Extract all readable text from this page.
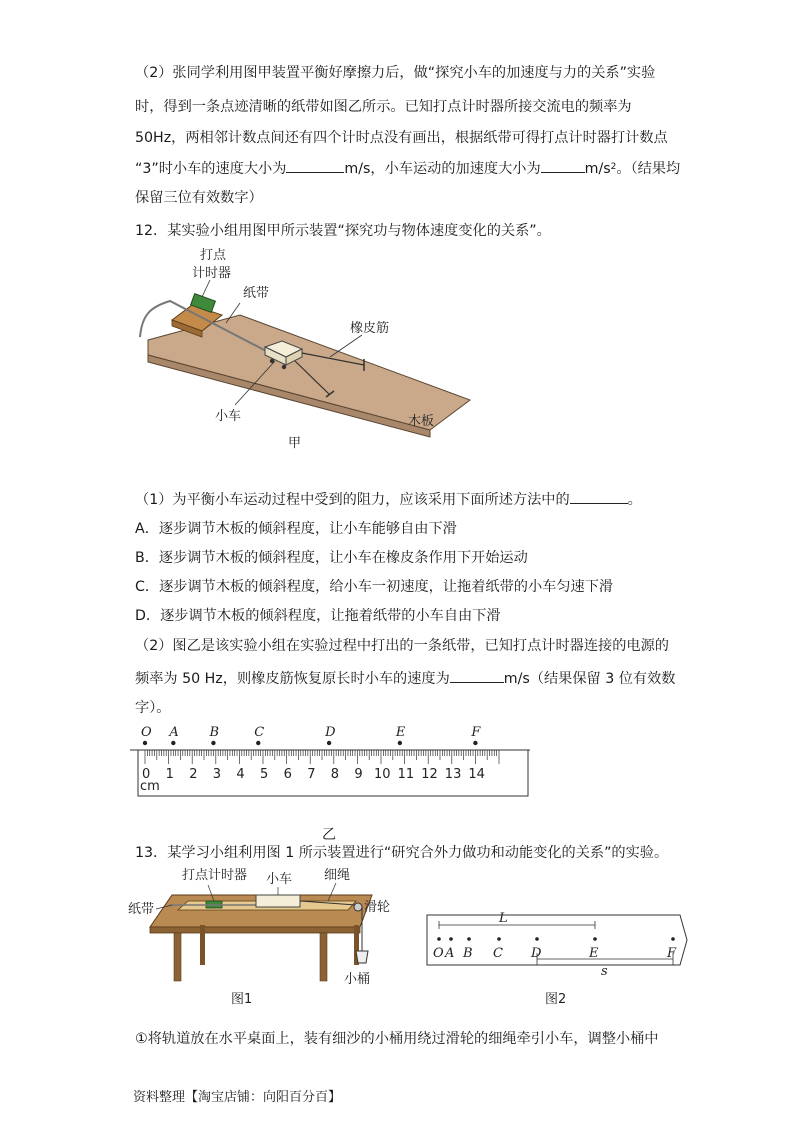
（2）张同学利用图甲装置平衡好摩擦力后，做“探究小车的加速度与力的关系”实验
时，得到一条点迹清晰的纸带如图乙所示。已知打点计时器所接交流电的频率为
50Hz，两相邻计数点间还有四个计时点没有画出，根据纸带可得打点计时器打计数点
“3”时小车的速度大小为	m/s，小车运动的加速度大小为	$m/s^2$。（结果均
保留三位有效数字）
12．某实验小组用图甲所示装置“探究功与物体速度变化的关系”。
打点
计时器
纸带
橡皮筋
小车	木板
甲
（1）为平衡小车运动过程中受到的阻力，应该采用下面所述方法中的	。
A．逐步调节木板的倾斜程度，让小车能够自由下滑
B．逐步调节木板的倾斜程度，让小车在橡皮条作用下开始运动
C．逐步调节木板的倾斜程度，给小车一初速度，让拖着纸带的小车匀速下滑
D．逐步调节木板的倾斜程度，让拖着纸带的小车自由下滑
（2）图乙是该实验小组在实验过程中打出的一条纸带，已知打点计时器连接的电源的
频率为 50 Hz，则橡皮筋恢复原长时小车的速度为	m/s（结果保留 3 位有效数
字）。
O A B	C	D	E	F
0 1 2 3 4 5 6 7 8 9 10 11 12 13 14
cm
乙
13．某学习小组利用图 1 所示装置进行“研究合外力做功和动能变化的关系”的实验。
打点计时器 小车 细绳
纸带	滑轮
小桶
图1
O A B C D	E	F
L
s
图2
①将轨道放在水平桌面上，装有细沙的小桶用绕过滑轮的细绳牵引小车，调整小桶中
资料整理【淘宝店铺：向阳百分百】
